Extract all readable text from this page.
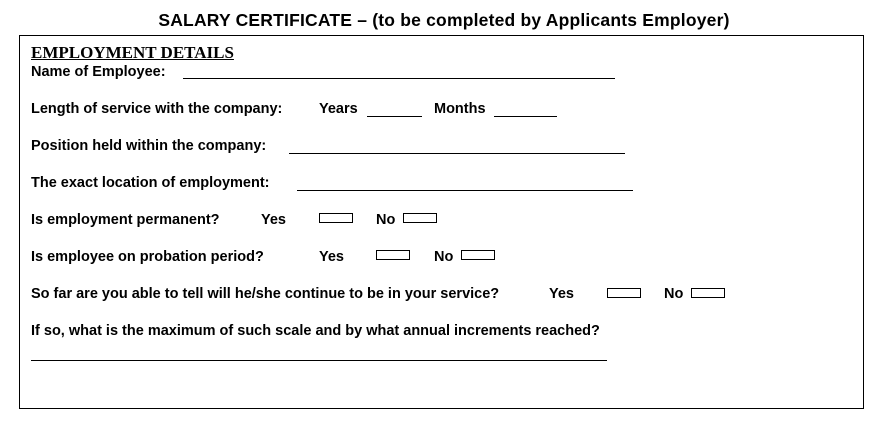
SALARY CERTIFICATE – (to be completed by Applicants Employer)
EMPLOYMENT DETAILS
Name of Employee:
Length of service with the company:	Years	Months
Position held within the company:
The exact location of employment:
Is employment permanent?	Yes	No
Is employee on probation period?	Yes	No
So far are you able to tell will he/she continue to be in your service?	Yes	No
If so, what is the maximum of such scale and by what annual increments reached?
